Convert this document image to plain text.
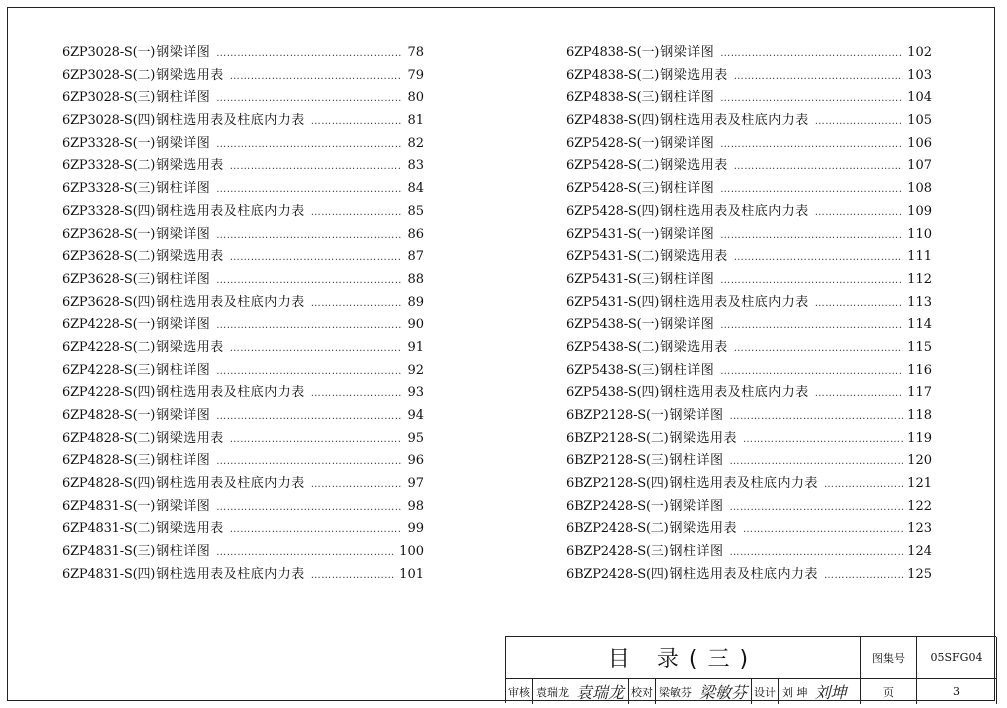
6ZP3028-S(一) 钢梁详图 ……………………………………………………………………………………………………………………………………	78
6ZP3028-S(二) 钢梁选用表 ……………………………………………………………………………………………………………………………………	79
6ZP3028-S(三) 钢柱详图 ……………………………………………………………………………………………………………………………………	80
6ZP3028-S(四) 钢柱选用表及柱底内力表 ……………………………………………………………………………………………………………………………………	81
6ZP3328-S(一) 钢梁详图 ……………………………………………………………………………………………………………………………………	82
6ZP3328-S(二) 钢梁选用表 ……………………………………………………………………………………………………………………………………	83
6ZP3328-S(三) 钢柱详图 ……………………………………………………………………………………………………………………………………	84
6ZP3328-S(四) 钢柱选用表及柱底内力表 ……………………………………………………………………………………………………………………………………	85
6ZP3628-S(一) 钢梁详图 ……………………………………………………………………………………………………………………………………	86
6ZP3628-S(二) 钢梁选用表 ……………………………………………………………………………………………………………………………………	87
6ZP3628-S(三) 钢柱详图 ……………………………………………………………………………………………………………………………………	88
6ZP3628-S(四) 钢柱选用表及柱底内力表 ……………………………………………………………………………………………………………………………………	89
6ZP4228-S(一) 钢梁详图 ……………………………………………………………………………………………………………………………………	90
6ZP4228-S(二) 钢梁选用表 ……………………………………………………………………………………………………………………………………	91
6ZP4228-S(三) 钢柱详图 ……………………………………………………………………………………………………………………………………	92
6ZP4228-S(四) 钢柱选用表及柱底内力表 ……………………………………………………………………………………………………………………………………	93
6ZP4828-S(一) 钢梁详图 ……………………………………………………………………………………………………………………………………	94
6ZP4828-S(二) 钢梁选用表 ……………………………………………………………………………………………………………………………………	95
6ZP4828-S(三) 钢柱详图 ……………………………………………………………………………………………………………………………………	96
6ZP4828-S(四) 钢柱选用表及柱底内力表 ……………………………………………………………………………………………………………………………………	97
6ZP4831-S(一) 钢梁详图 ……………………………………………………………………………………………………………………………………	98
6ZP4831-S(二) 钢梁选用表 ……………………………………………………………………………………………………………………………………	99
6ZP4831-S(三) 钢柱详图 ……………………………………………………………………………………………………………………………………	100
6ZP4831-S(四) 钢柱选用表及柱底内力表 ……………………………………………………………………………………………………………………………………	101
6ZP4838-S(一) 钢梁详图 ……………………………………………………………………………………………………………………………………	102
6ZP4838-S(二) 钢梁选用表 ……………………………………………………………………………………………………………………………………	103
6ZP4838-S(三) 钢柱详图 ……………………………………………………………………………………………………………………………………	104
6ZP4838-S(四) 钢柱选用表及柱底内力表 ……………………………………………………………………………………………………………………………………	105
6ZP5428-S(一) 钢梁详图 ……………………………………………………………………………………………………………………………………	106
6ZP5428-S(二) 钢梁选用表 ……………………………………………………………………………………………………………………………………	107
6ZP5428-S(三) 钢柱详图 ……………………………………………………………………………………………………………………………………	108
6ZP5428-S(四) 钢柱选用表及柱底内力表 ……………………………………………………………………………………………………………………………………	109
6ZP5431-S(一) 钢梁详图 ……………………………………………………………………………………………………………………………………	110
6ZP5431-S(二) 钢梁选用表 ……………………………………………………………………………………………………………………………………	111
6ZP5431-S(三) 钢柱详图 ……………………………………………………………………………………………………………………………………	112
6ZP5431-S(四) 钢柱选用表及柱底内力表 ……………………………………………………………………………………………………………………………………	113
6ZP5438-S(一) 钢梁详图 ……………………………………………………………………………………………………………………………………	114
6ZP5438-S(二) 钢梁选用表 ……………………………………………………………………………………………………………………………………	115
6ZP5438-S(三) 钢柱详图 ……………………………………………………………………………………………………………………………………	116
6ZP5438-S(四) 钢柱选用表及柱底内力表 ……………………………………………………………………………………………………………………………………	117
6BZP2128-S(一) 钢梁详图 ……………………………………………………………………………………………………………………………………	118
6BZP2128-S(二) 钢梁选用表 ……………………………………………………………………………………………………………………………………	119
6BZP2128-S(三) 钢柱详图 ……………………………………………………………………………………………………………………………………	120
6BZP2128-S(四) 钢柱选用表及柱底内力表 ……………………………………………………………………………………………………………………………………	121
6BZP2428-S(一) 钢梁详图 ……………………………………………………………………………………………………………………………………	122
6BZP2428-S(二) 钢梁选用表 ……………………………………………………………………………………………………………………………………	123
6BZP2428-S(三) 钢柱详图 ……………………………………………………………………………………………………………………………………	124
6BZP2428-S(四) 钢柱选用表及柱底内力表 ……………………………………………………………………………………………………………………………………	125
目 录(三)	图集号	05SFG04
审核 袁瑞龙 袁瑞龙 校对 梁敏芬 梁敏芬 设计 刘 坤 刘坤	页	3
